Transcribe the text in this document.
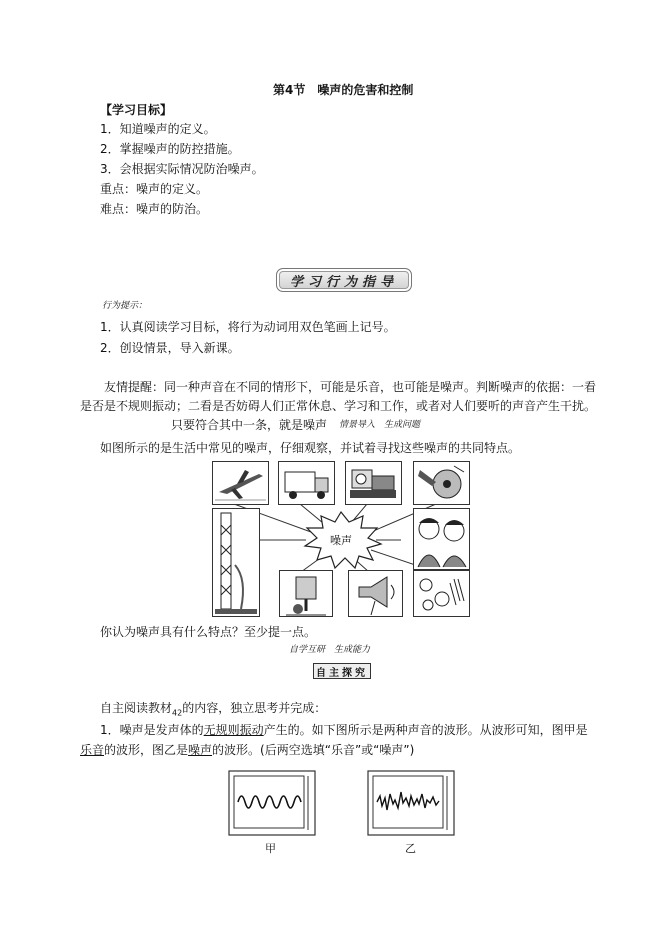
第4节　噪声的危害和控制
【学习目标】
1．知道噪声的定义。
2．掌握噪声的防控措施。
3．会根据实际情况防治噪声。
重点：噪声的定义。
难点：噪声的防治。
学习行为指导
行为提示：
1．认真阅读学习目标，将行为动词用双色笔画上记号。
2．创设情景，导入新课。
友情提醒：同一种声音在不同的情形下，可能是乐音，也可能是噪声。判断噪声的依据：一看
是否是不规则振动；二看是否妨碍人们正常休息、学习和工作，或者对人们要听的声音产生干扰。
只要符合其中一条，就是噪声 情景导入　生成问题
如图所示的是生活中常见的噪声，仔细观察，并试着寻找这些噪声的共同特点。
噪声
你认为噪声具有什么特点？至少提一点。
自学互研　生成能力
自主探究
自主阅读教材$_{42}$的内容，独立思考并完成：
1．噪声是发声体的无规则振动产生的。如下图所示是两种声音的波形。从波形可知，图甲是
乐音的波形，图乙是噪声的波形。(后两空选填“乐音”或“噪声”)
甲	乙
